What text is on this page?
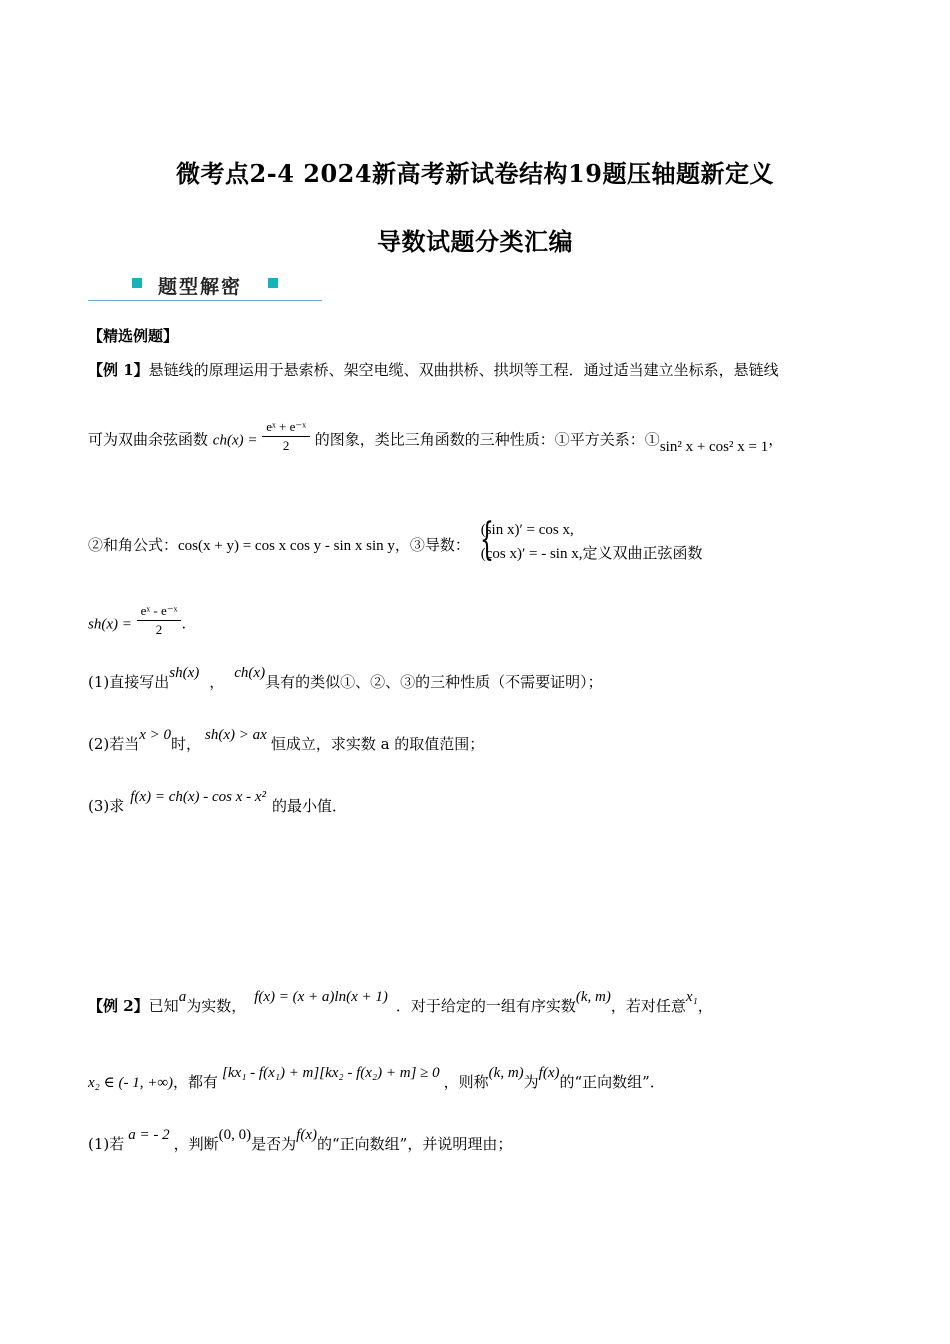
微考点2-4 2024新高考新试卷结构19题压轴题新定义
导数试题分类汇编
题型解密
【精选例题】
【例 1】悬链线的原理运用于悬索桥、架空电缆、双曲拱桥、拱坝等工程．通过适当建立坐标系，悬链线
可为双曲余弦函数 $ch(x) = \frac{\text{eˣ + e⁻ˣ}}{2}$ 的图象，类比三角函数的三种性质：①平方关系：①sin² x + cos² x = 1，
②和角公式：cos(x + y) = cos x cos y - sin x sin y，③导数： {
(sin x)′ = cos x,
(cos x)′ = - sin x, 定义双曲正弦函数
$sh(x) = \frac{\text{eˣ - e⁻ˣ}}{2}$ .
(1)直接写出sh(x) ， ch(x)具有的类似①、②、③的三种性质（不需要证明）；
(2)若当x > 0时， sh(x) > ax 恒成立，求实数 a 的取值范围；
(3)求 f(x) = ch(x) - cos x - x² 的最小值．
【例 2】已知a为实数， f(x) = (x + a)ln(x + 1) ．对于给定的一组有序实数(k, m)，若对任意x₁，
x₂ ∈ (- 1, +∞)，都有 [kx₁ - f(x₁) + m][kx₂ - f(x₂) + m] ≥ 0 ，则称(k, m)为f(x)的“正向数组”．
(1)若 a = - 2 ，判断(0, 0)是否为f(x)的“正向数组”，并说明理由；
